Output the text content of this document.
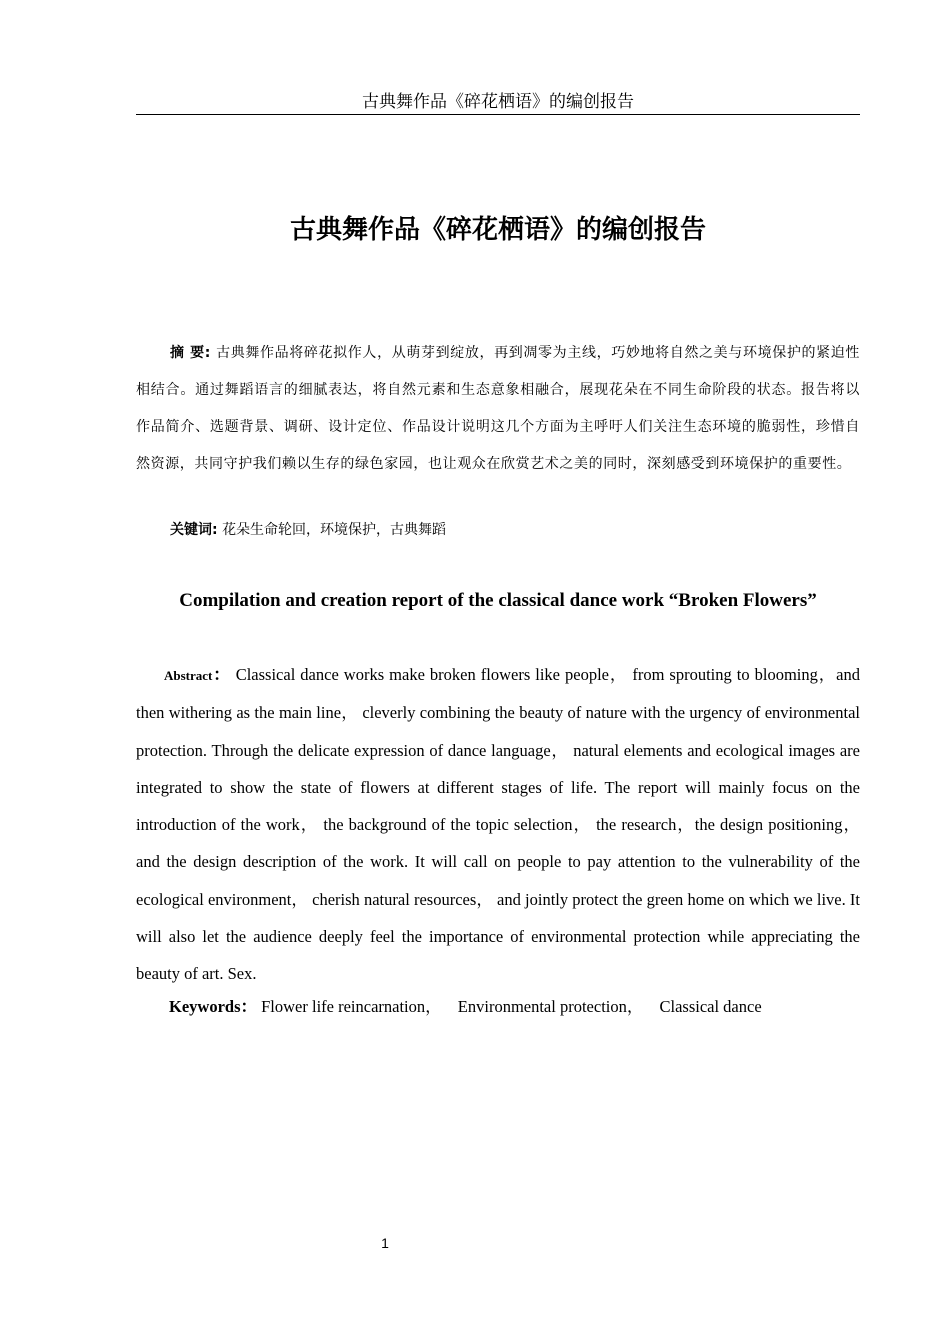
古典舞作品《碎花栖语》的编创报告
古典舞作品《碎花栖语》的编创报告
摘 要: 古典舞作品将碎花拟作人，从萌芽到绽放，再到凋零为主线，巧妙地将自然之美与环境保护的紧迫性相结合。通过舞蹈语言的细腻表达，将自然元素和生态意象相融合，展现花朵在不同生命阶段的状态。报告将以作品简介、选题背景、调研、设计定位、作品设计说明这几个方面为主呼吁人们关注生态环境的脆弱性，珍惜自然资源，共同守护我们赖以生存的绿色家园，也让观众在欣赏艺术之美的同时，深刻感受到环境保护的重要性。
关键词: 花朵生命轮回，环境保护，古典舞蹈
Compilation and creation report of the classical dance work “Broken Flowers”
Abstract： Classical dance works make broken flowers like people， from sprouting to blooming，and then withering as the main line， cleverly combining the beauty of nature with the urgency of environmental protection. Through the delicate expression of dance language， natural elements and ecological images are integrated to show the state of flowers at different stages of life. The report will mainly focus on the introduction of the work， the background of the topic selection， the research，the design positioning， and the design description of the work. It will call on people to pay attention to the vulnerability of the ecological environment， cherish natural resources， and jointly protect the green home on which we live. It will also let the audience deeply feel the importance of environmental protection while appreciating the beauty of art. Sex.
Keywords： Flower life reincarnation， Environmental protection， Classical dance
1
